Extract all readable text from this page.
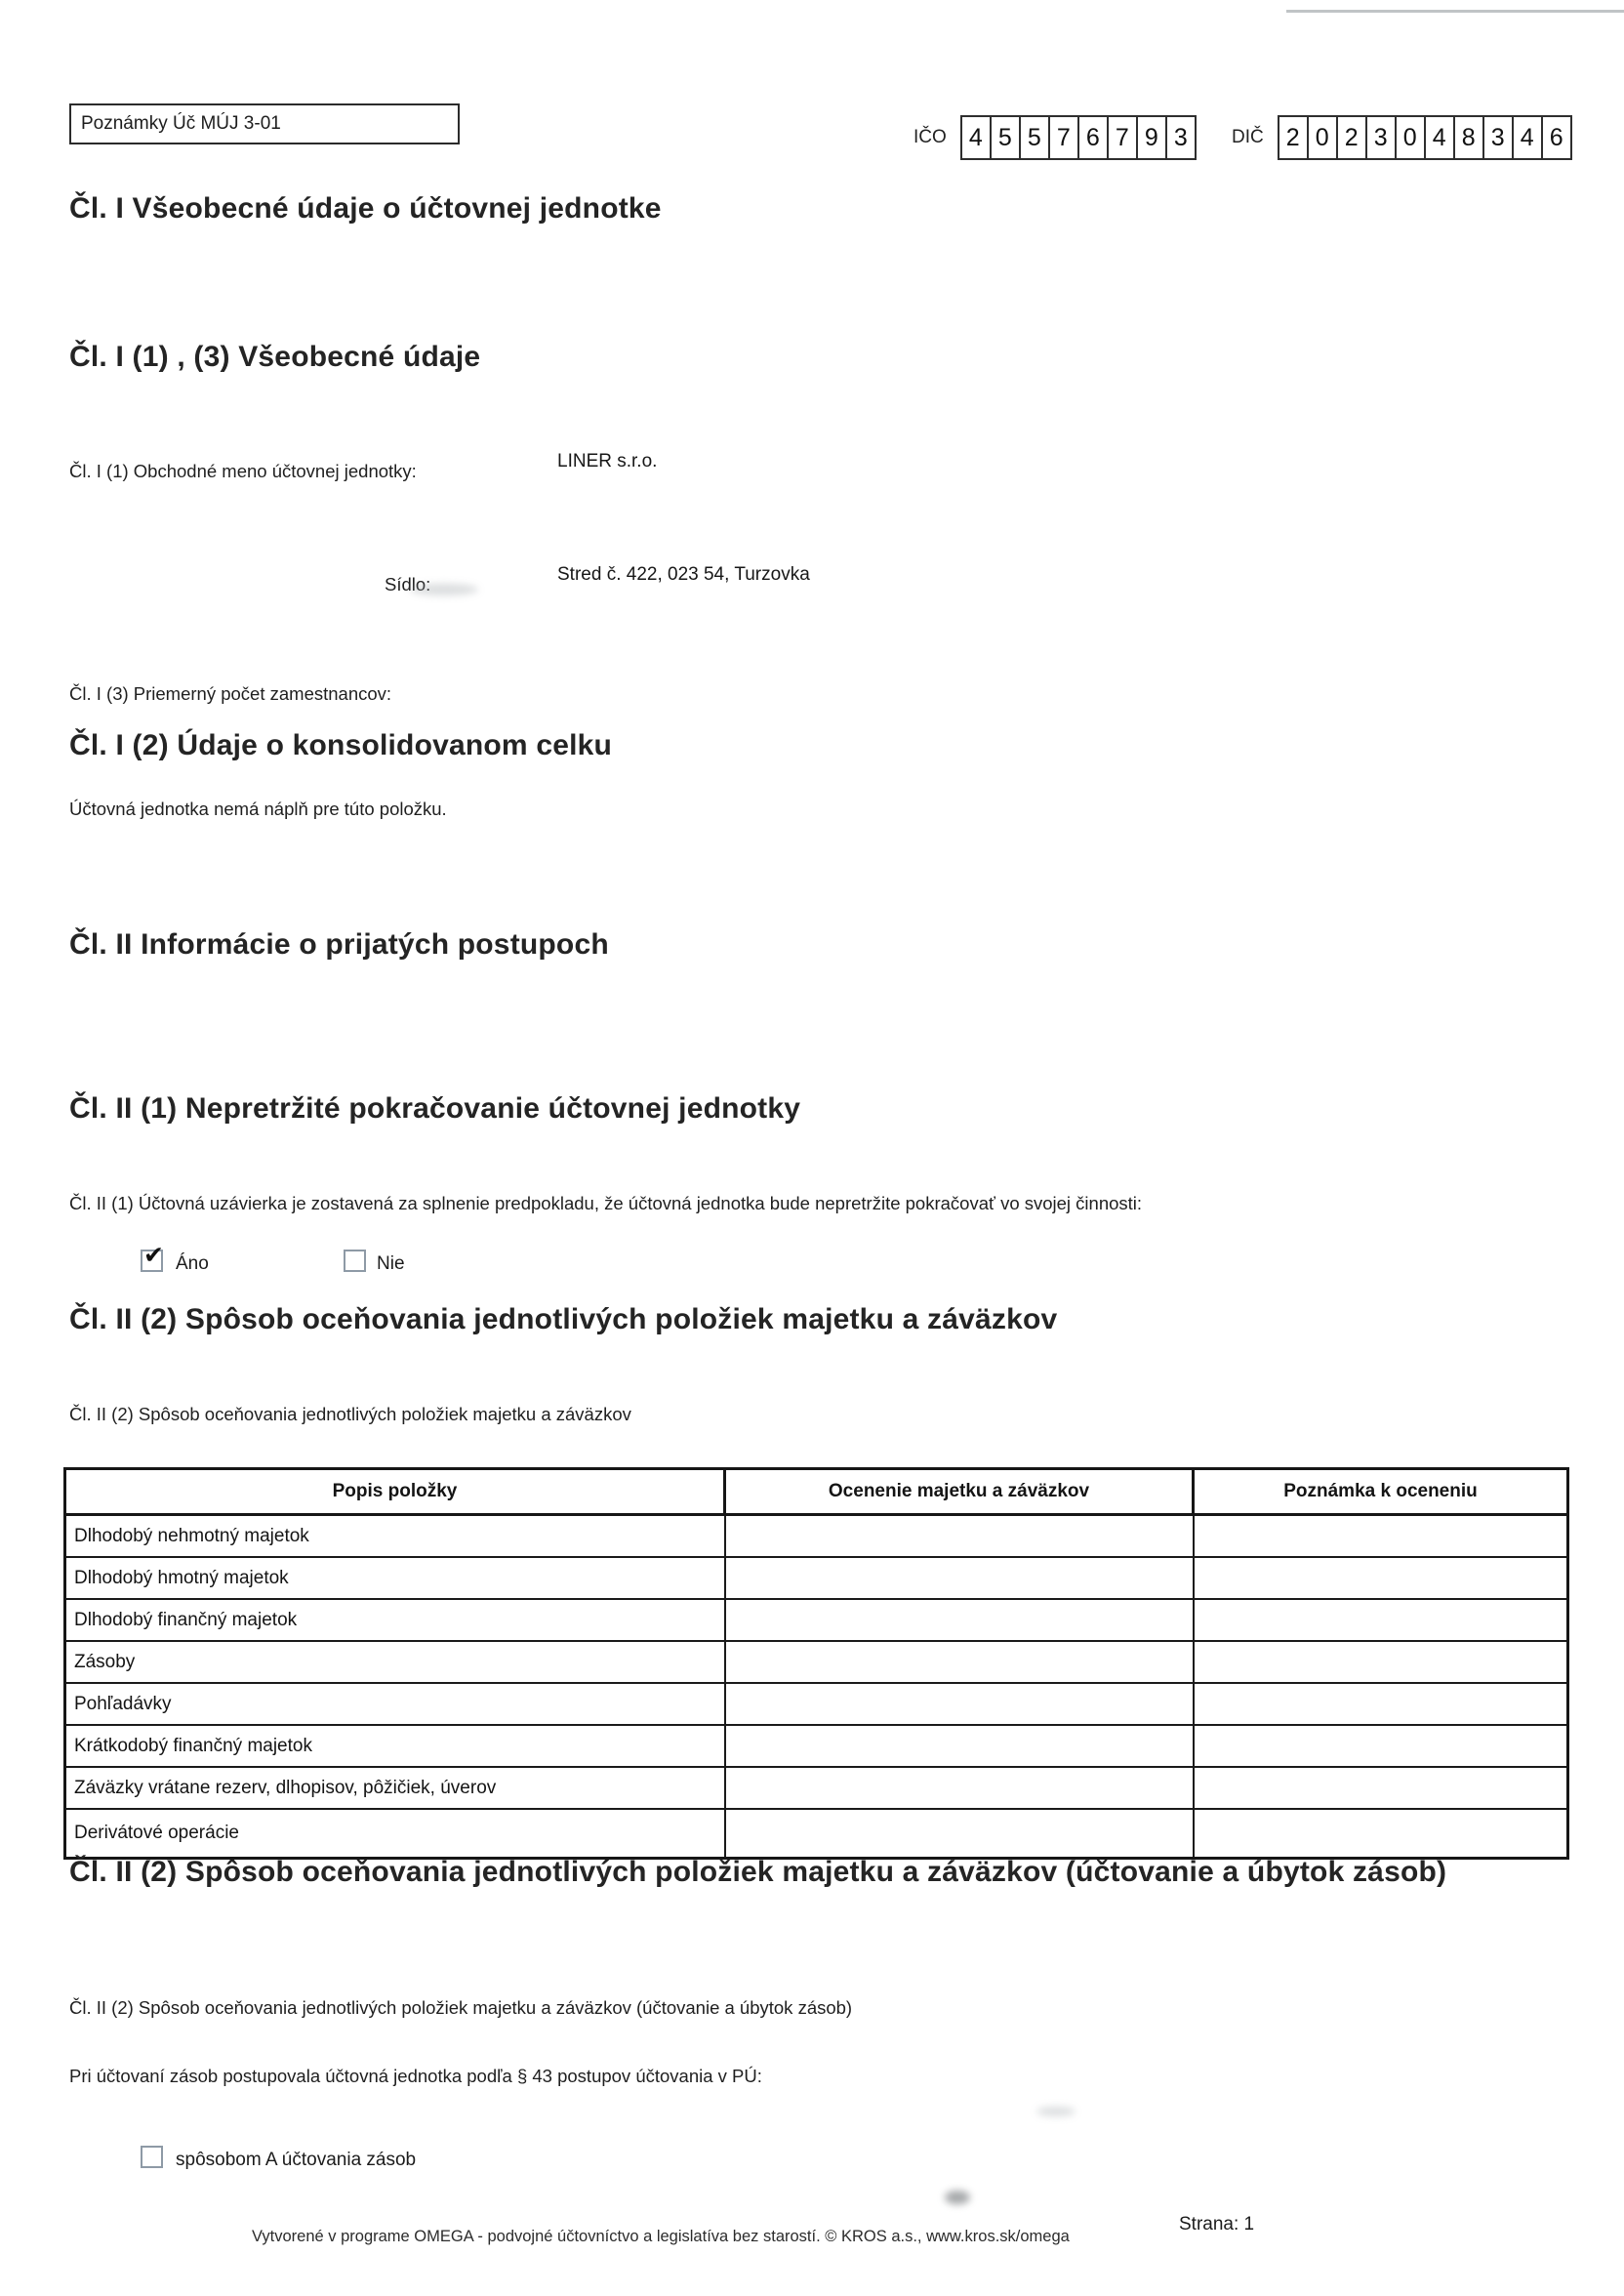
Poznámky Úč MÚJ 3-01
IČO 4 5 5 7 6 7 9 3	DIČ 2 0 2 3 0 4 8 3 4 6
Čl. I Všeobecné údaje o účtovnej jednotke
Čl. I (1) , (3) Všeobecné údaje
Čl. I (1) Obchodné meno účtovnej jednotky:	LINER s.r.o.
Sídlo:	Stred č. 422, 023 54, Turzovka
Čl. I (3) Priemerný počet zamestnancov:
Čl. I (2) Údaje o konsolidovanom celku
Účtovná jednotka nemá náplň pre túto položku.
Čl. II Informácie o prijatých postupoch
Čl. II (1) Nepretržité pokračovanie účtovnej jednotky
Čl. II (1) Účtovná uzávierka je zostavená za splnenie predpokladu, že účtovná jednotka bude nepretržite pokračovať vo svojej činnosti:
✔ Áno	Nie
Čl. II (2) Spôsob oceňovania jednotlivých položiek majetku a záväzkov
Čl. II (2) Spôsob oceňovania jednotlivých položiek majetku a záväzkov
Popis položky	Ocenenie majetku a záväzkov	Poznámka k oceneniu
Dlhodobý nehmotný majetok		
Dlhodobý hmotný majetok		
Dlhodobý finančný majetok		
Zásoby		
Pohľadávky		
Krátkodobý finančný majetok		
Záväzky vrátane rezerv, dlhopisov, pôžičiek, úverov		
Derivátové operácie		
Čl. II (2) Spôsob oceňovania jednotlivých položiek majetku a záväzkov (účtovanie a úbytok zásob)
Čl. II (2) Spôsob oceňovania jednotlivých položiek majetku a záväzkov (účtovanie a úbytok zásob)
Pri účtovaní zásob postupovala účtovná jednotka podľa § 43 postupov účtovania v PÚ:
spôsobom A účtovania zásob
Vytvorené v programe OMEGA - podvojné účtovníctvo a legislatíva bez starostí. © KROS a.s., www.kros.sk/omega
Strana: 1
